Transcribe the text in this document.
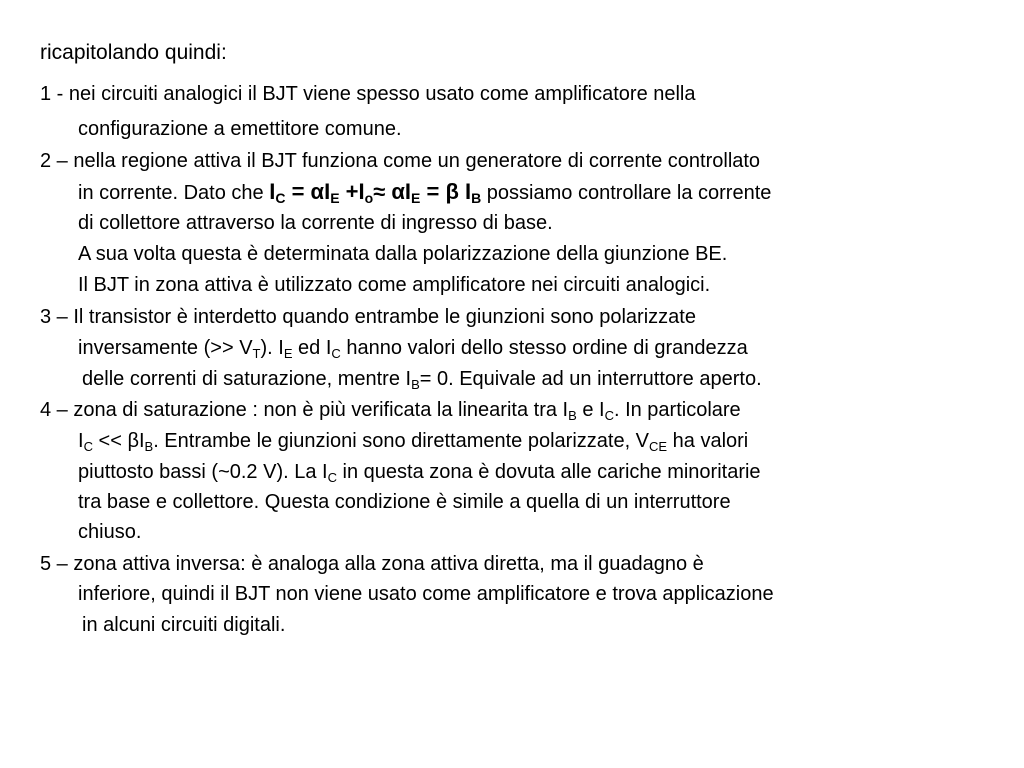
ricapitolando quindi:
1 - nei circuiti analogici il BJT viene spesso usato come amplificatore nella
configurazione a emettitore comune.
2 – nella regione attiva il BJT funziona come un generatore di corrente controllato
in corrente. Dato che $I_C = \alpha I_E +I_o\approx \alpha I_E = \beta$ $I_B$ possiamo controllare la corrente
di collettore attraverso la corrente di ingresso di base.
A sua volta questa è determinata dalla polarizzazione della giunzione BE.
Il BJT in zona attiva è utilizzato come amplificatore nei circuiti analogici.
3 – Il transistor è interdetto quando entrambe le giunzioni sono polarizzate
inversamente (>> $V_T$). $I_E$ ed $I_C$ hanno valori dello stesso ordine di grandezza
delle correnti di saturazione, mentre $I_B= 0$. Equivale ad un interruttore aperto.
4 – zona di saturazione : non è più verificata la linearita tra $I_B$ e $I_C$. In particolare
$I_C << \beta I_B$. Entrambe le giunzioni sono direttamente polarizzate, $V_{CE}$ ha valori
piuttosto bassi (~0.2 V). La $I_C$ in questa zona è dovuta alle cariche minoritarie
tra base e collettore. Questa condizione è simile a quella di un interruttore
chiuso.
5 – zona attiva inversa: è analoga alla zona attiva diretta, ma il guadagno è
inferiore, quindi il BJT non viene usato come amplificatore e trova applicazione
in alcuni circuiti digitali.
